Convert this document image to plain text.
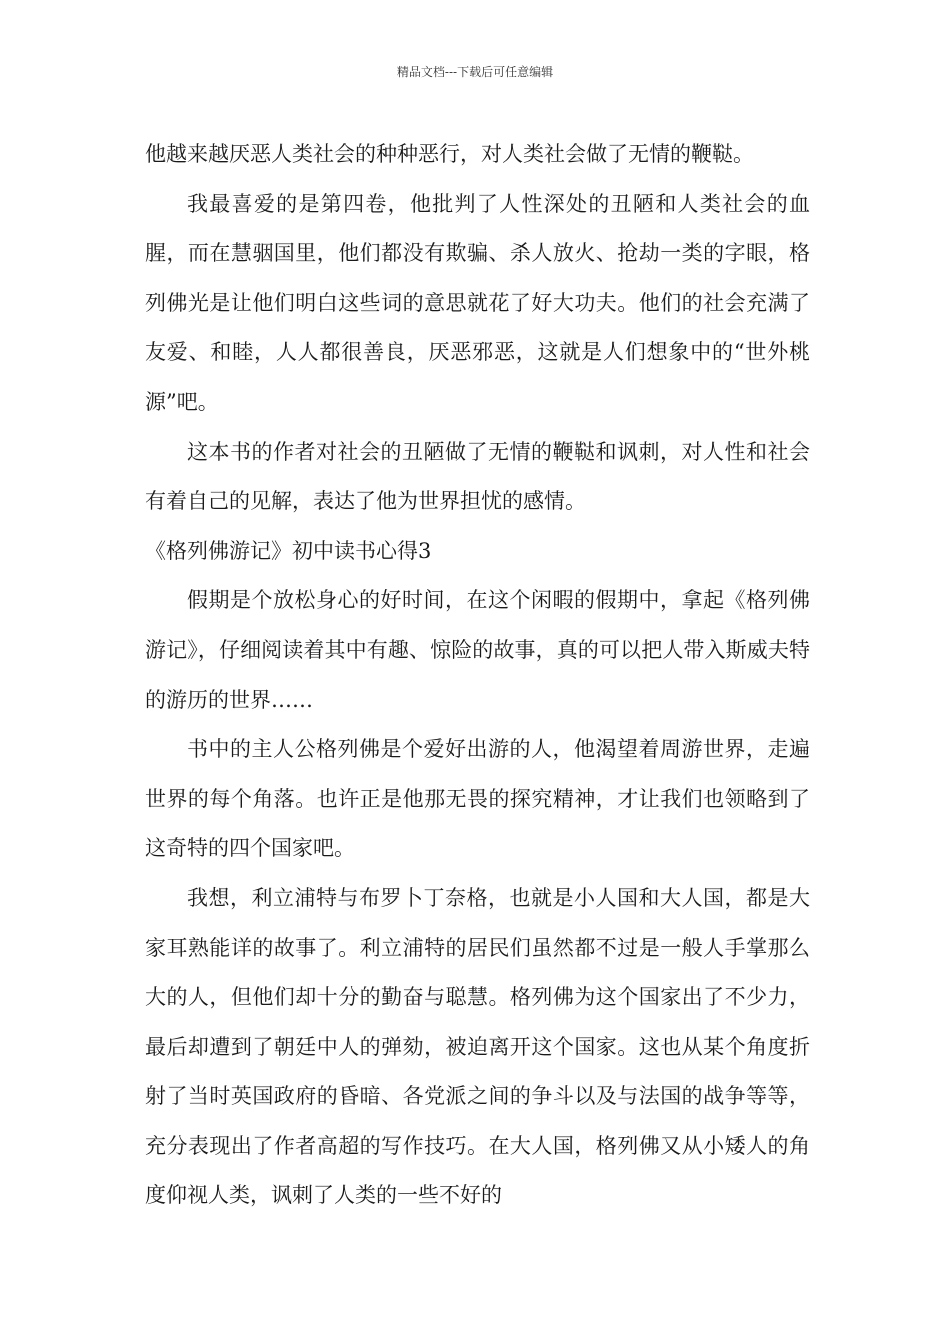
精品文档---下载后可任意编辑

他越来越厌恶人类社会的种种恶行，对人类社会做了无情的鞭鞑。

我最喜爱的是第四卷，他批判了人性深处的丑陋和人类社会的血腥，而在慧骃国里，他们都没有欺骗、杀人放火、抢劫一类的字眼，格列佛光是让他们明白这些词的意思就花了好大功夫。他们的社会充满了友爱、和睦，人人都很善良，厌恶邪恶，这就是人们想象中的“世外桃源”吧。

这本书的作者对社会的丑陋做了无情的鞭鞑和讽刺，对人性和社会有着自己的见解，表达了他为世界担忧的感情。

《格列佛游记》初中读书心得3

假期是个放松身心的好时间，在这个闲暇的假期中，拿起《格列佛游记》，仔细阅读着其中有趣、惊险的故事，真的可以把人带入斯威夫特的游历的世界……

书中的主人公格列佛是个爱好出游的人，他渴望着周游世界，走遍世界的每个角落。也许正是他那无畏的探究精神，才让我们也领略到了这奇特的四个国家吧。

我想，利立浦特与布罗卜丁奈格，也就是小人国和大人国，都是大家耳熟能详的故事了。利立浦特的居民们虽然都不过是一般人手掌那么大的人，但他们却十分的勤奋与聪慧。格列佛为这个国家出了不少力，最后却遭到了朝廷中人的弹劾，被迫离开这个国家。这也从某个角度折射了当时英国政府的昏暗、各党派之间的争斗以及与法国的战争等等，充分表现出了作者高超的写作技巧。在大人国，格列佛又从小矮人的角度仰视人类，讽刺了人类的一些不好的
